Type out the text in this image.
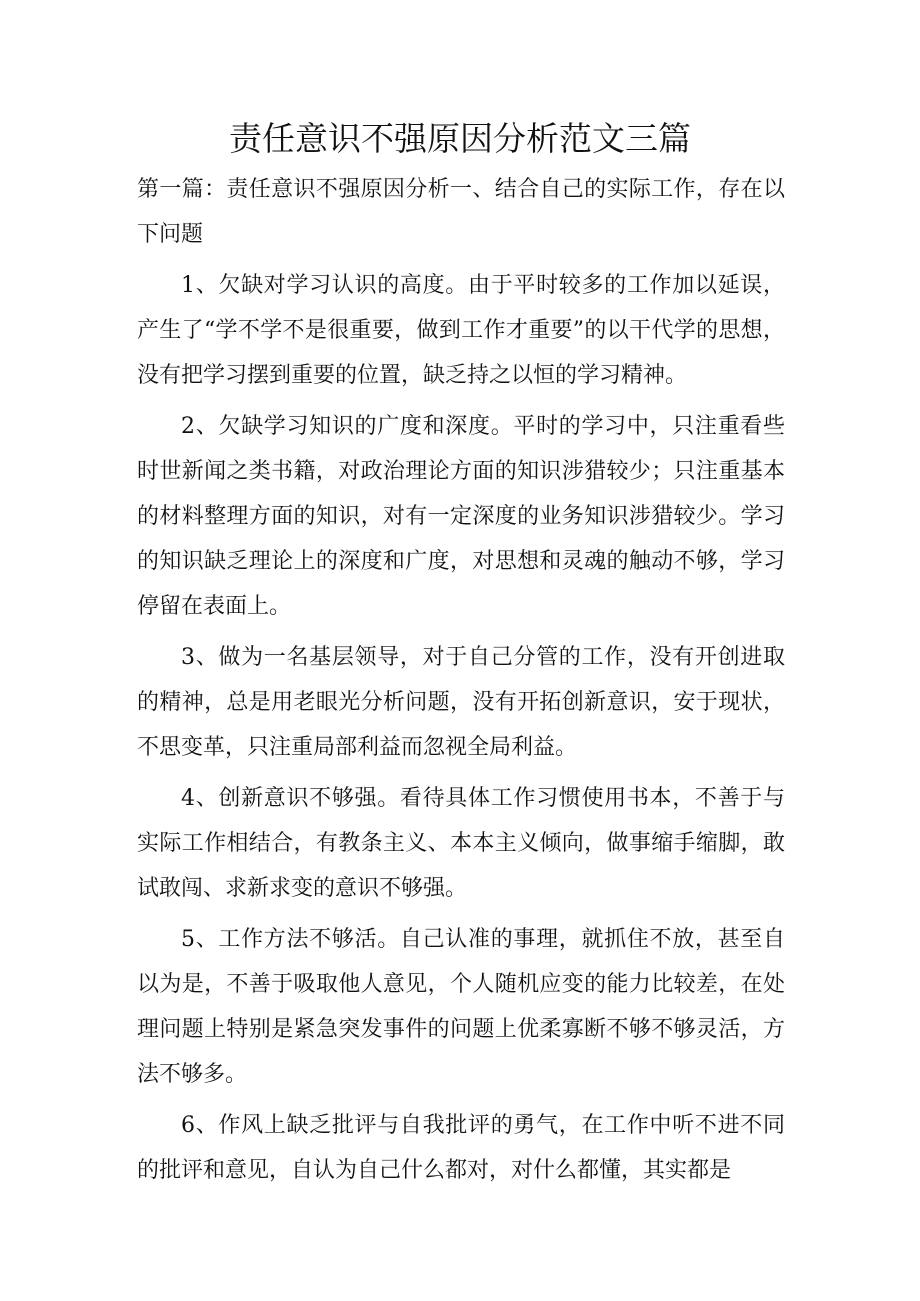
责任意识不强原因分析范文三篇

第一篇：责任意识不强原因分析一、结合自己的实际工作，存在以下问题

1、欠缺对学习认识的高度。由于平时较多的工作加以延误，产生了“学不学不是很重要，做到工作才重要”的以干代学的思想，没有把学习摆到重要的位置，缺乏持之以恒的学习精神。

2、欠缺学习知识的广度和深度。平时的学习中，只注重看些时世新闻之类书籍，对政治理论方面的知识涉猎较少；只注重基本的材料整理方面的知识，对有一定深度的业务知识涉猎较少。学习的知识缺乏理论上的深度和广度，对思想和灵魂的触动不够，学习停留在表面上。

3、做为一名基层领导，对于自己分管的工作，没有开创进取的精神，总是用老眼光分析问题，没有开拓创新意识，安于现状，不思变革，只注重局部利益而忽视全局利益。

4、创新意识不够强。看待具体工作习惯使用书本，不善于与实际工作相结合，有教条主义、本本主义倾向，做事缩手缩脚，敢试敢闯、求新求变的意识不够强。

5、工作方法不够活。自己认准的事理，就抓住不放，甚至自以为是，不善于吸取他人意见，个人随机应变的能力比较差，在处理问题上特别是紧急突发事件的问题上优柔寡断不够不够灵活，方法不够多。

6、作风上缺乏批评与自我批评的勇气，在工作中听不进不同的批评和意见，自认为自己什么都对，对什么都懂，其实都是
